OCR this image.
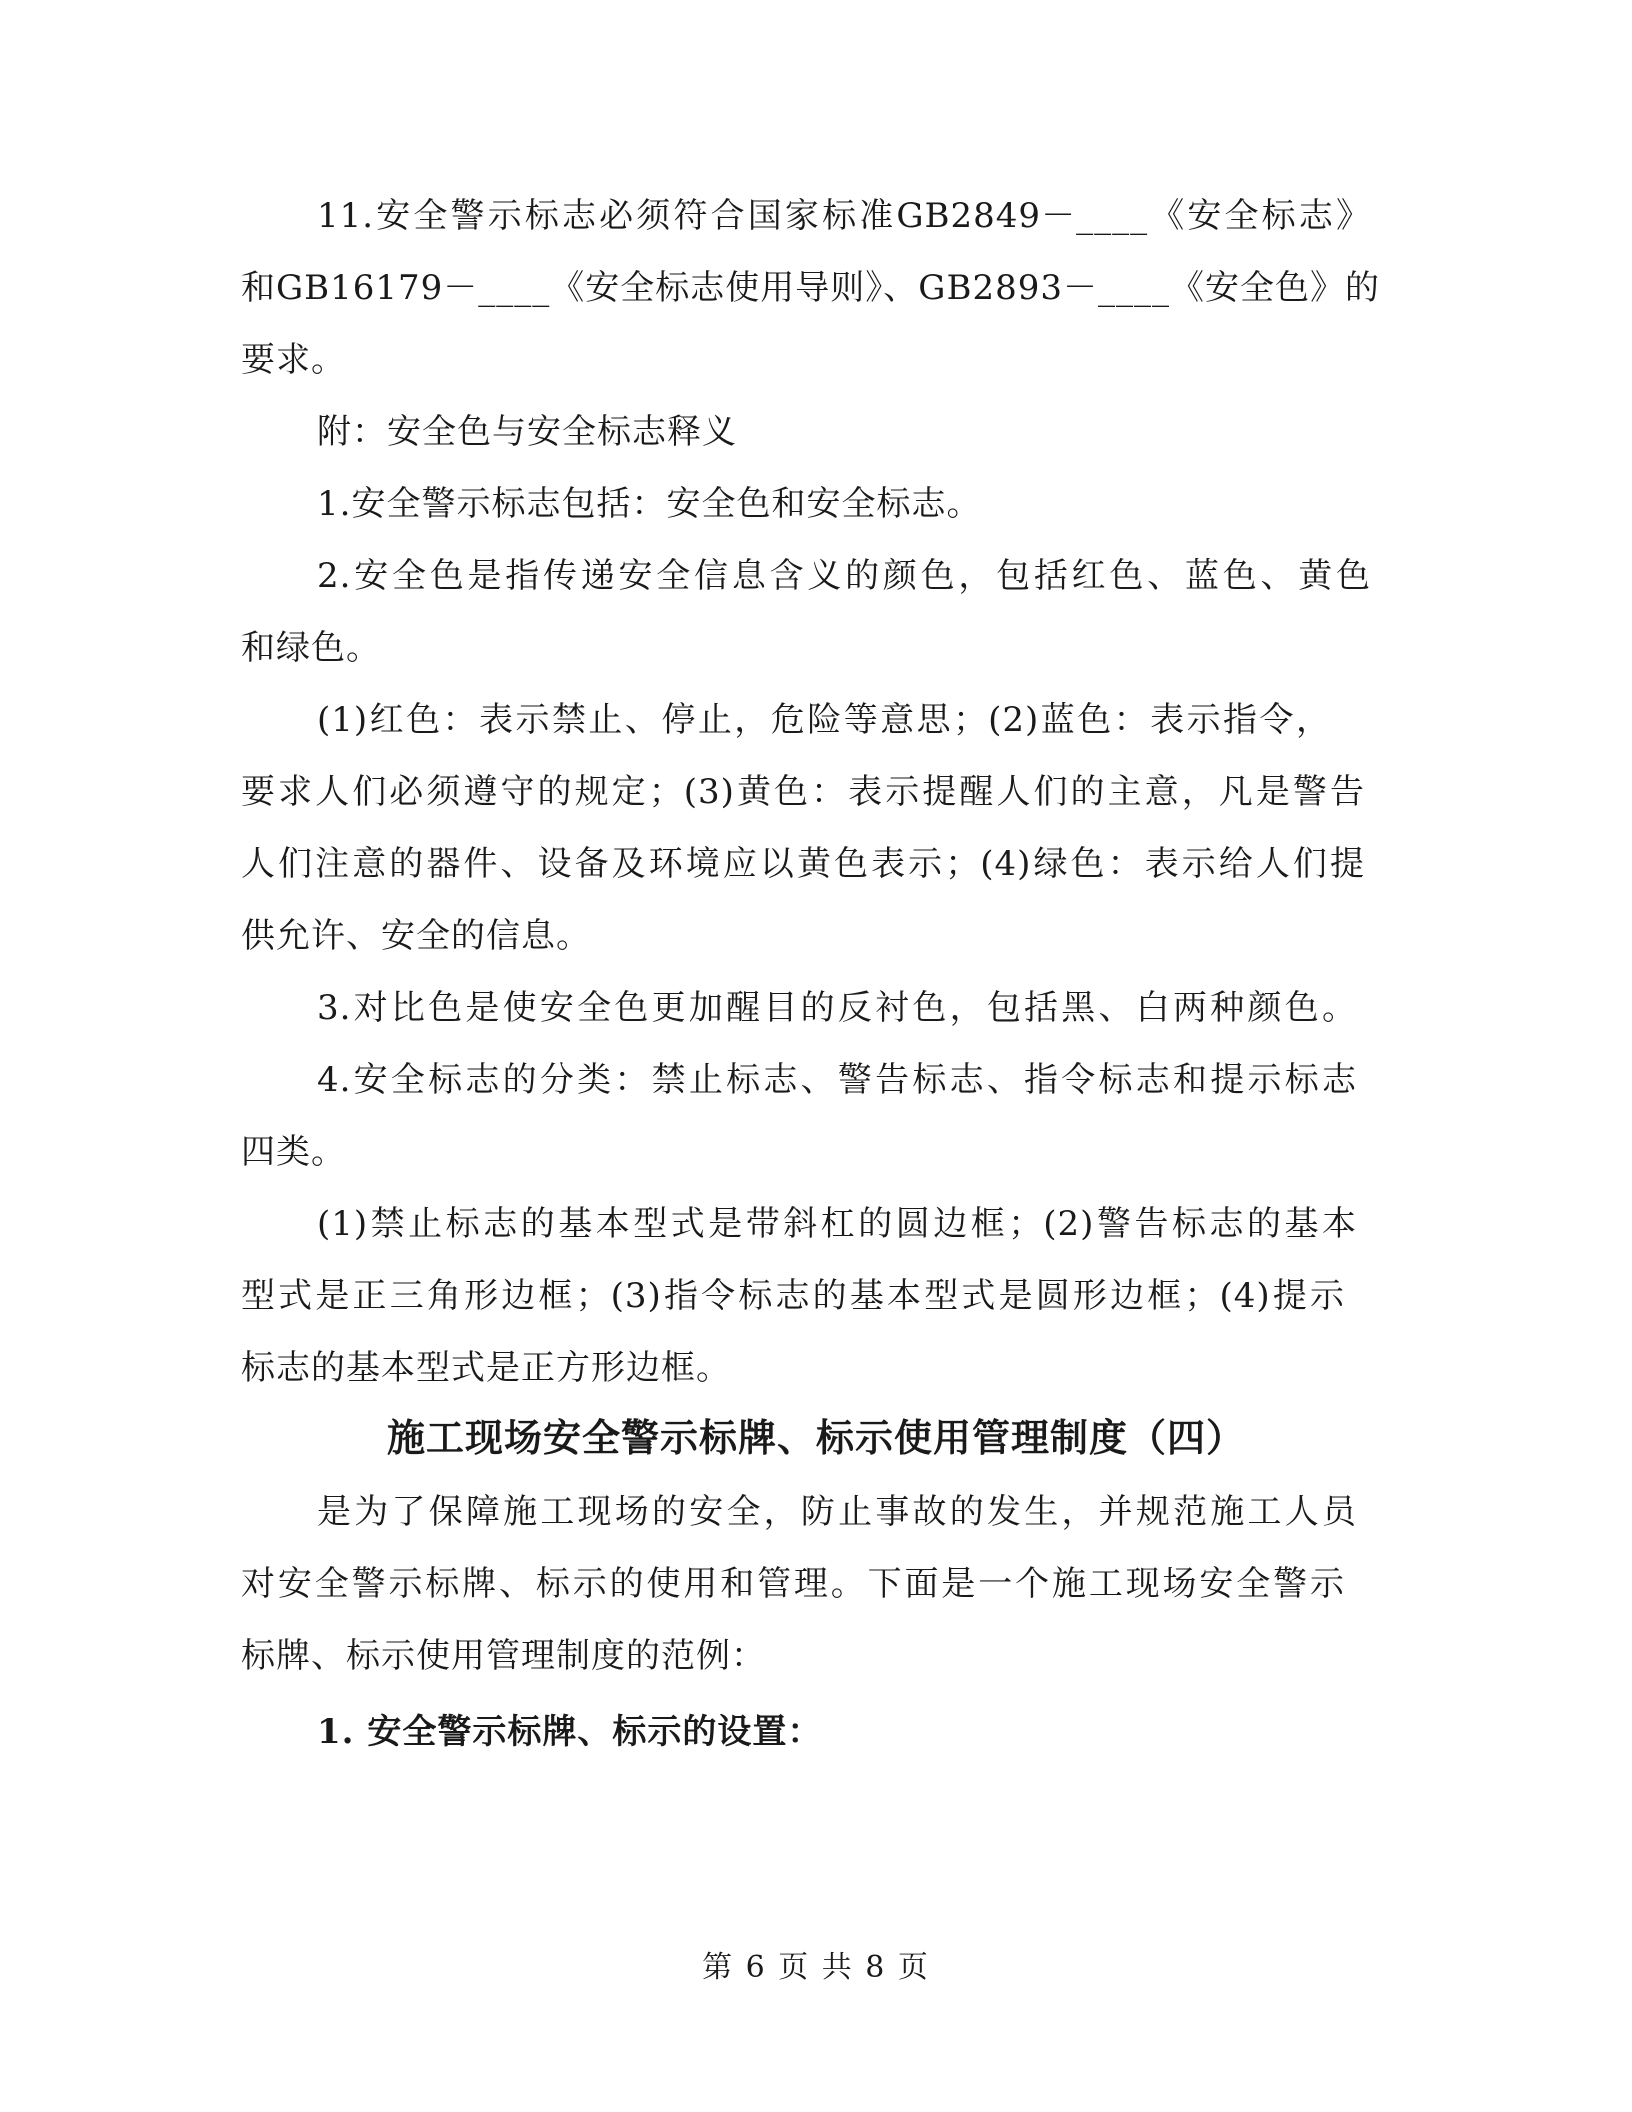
11.安全警示标志必须符合国家标准GB2849－____《安全标志》
和GB16179－____《安全标志使用导则》、GB2893－____《安全色》的
要求。
附：安全色与安全标志释义
1.安全警示标志包括：安全色和安全标志。
2.安全色是指传递安全信息含义的颜色，包括红色、蓝色、黄色
和绿色。
(1)红色：表示禁止、停止，危险等意思；(2)蓝色：表示指令，
要求人们必须遵守的规定；(3)黄色：表示提醒人们的主意，凡是警告
人们注意的器件、设备及环境应以黄色表示；(4)绿色：表示给人们提
供允许、安全的信息。
3.对比色是使安全色更加醒目的反衬色，包括黑、白两种颜色。
4.安全标志的分类：禁止标志、警告标志、指令标志和提示标志
四类。
(1)禁止标志的基本型式是带斜杠的圆边框；(2)警告标志的基本
型式是正三角形边框；(3)指令标志的基本型式是圆形边框；(4)提示
标志的基本型式是正方形边框。
施工现场安全警示标牌、标示使用管理制度（四）
是为了保障施工现场的安全，防止事故的发生，并规范施工人员
对安全警示标牌、标示的使用和管理。下面是一个施工现场安全警示
标牌、标示使用管理制度的范例：
1. 安全警示标牌、标示的设置：
第 6 页 共 8 页
